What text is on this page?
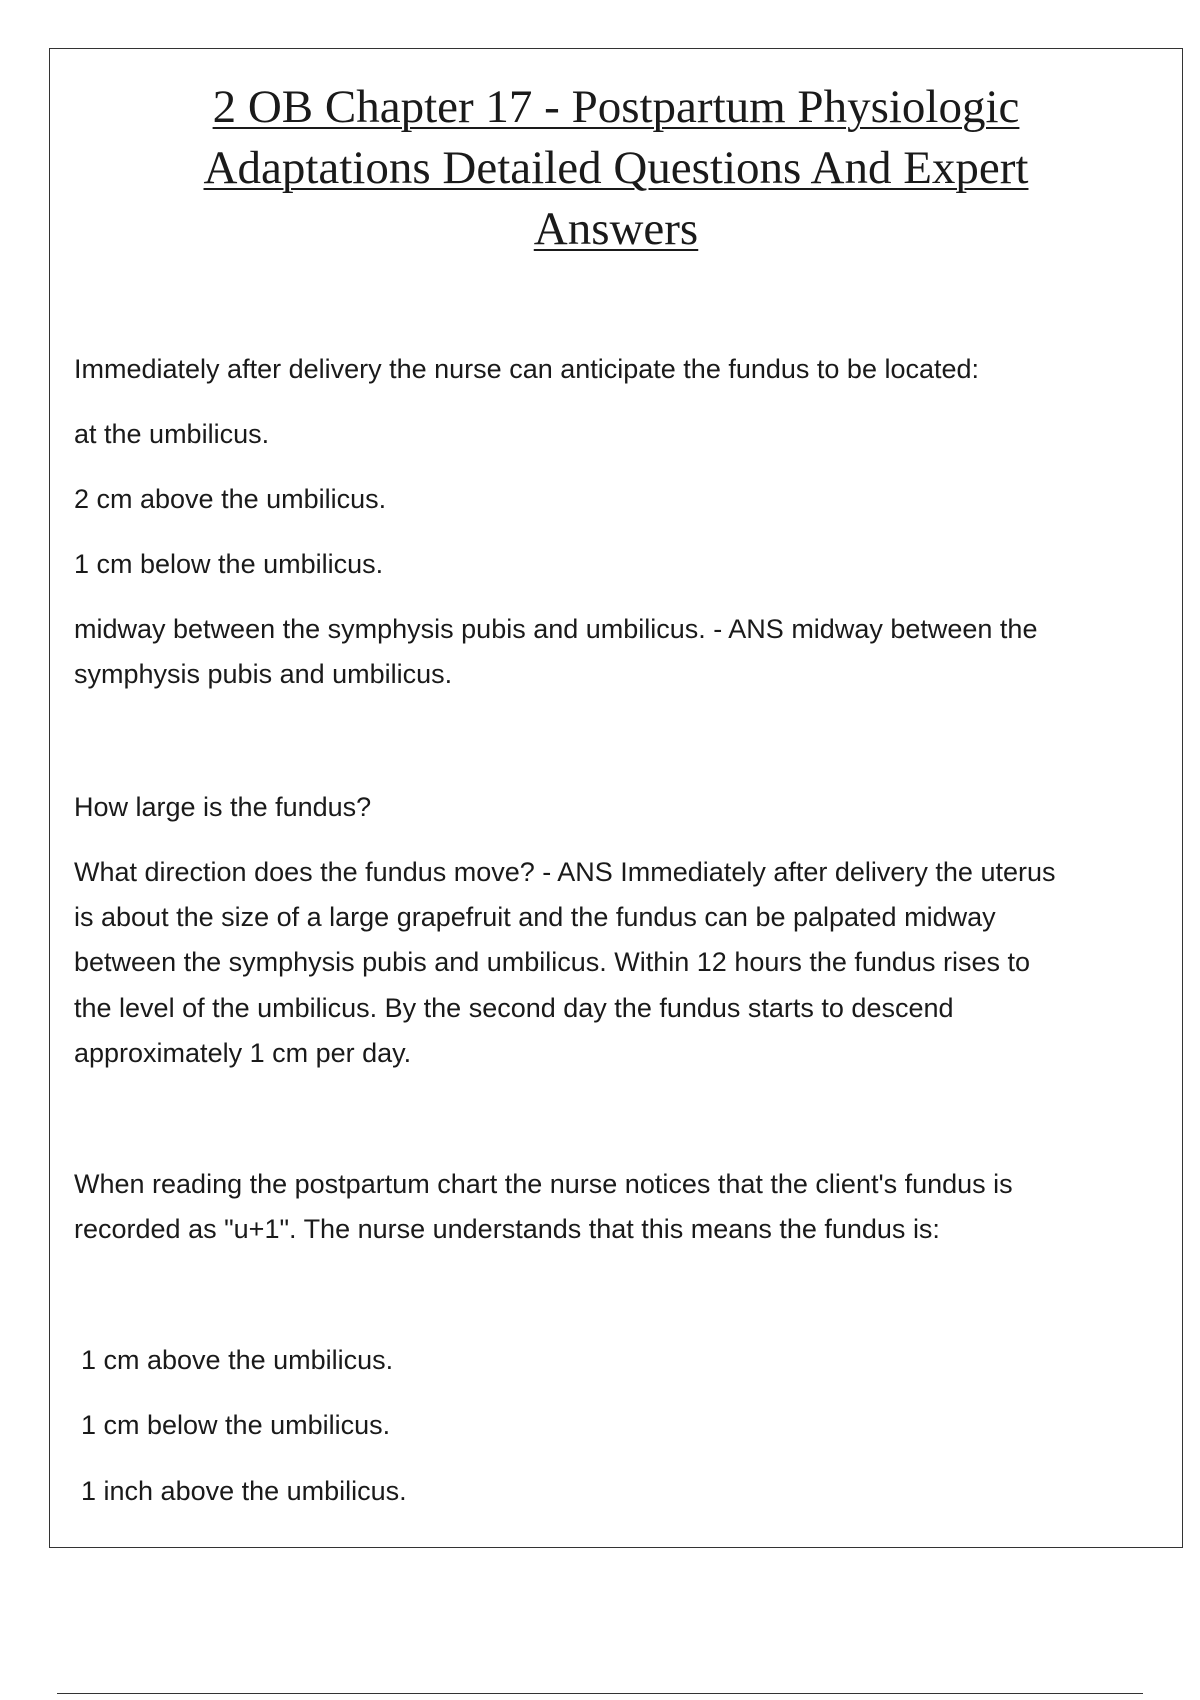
2 OB Chapter 17 - Postpartum Physiologic
Adaptations Detailed Questions And Expert
Answers

Immediately after delivery the nurse can anticipate the fundus to be located:

at the umbilicus.

2 cm above the umbilicus.

1 cm below the umbilicus.

midway between the symphysis pubis and umbilicus. - ANS midway between the

symphysis pubis and umbilicus.

How large is the fundus?

What direction does the fundus move? - ANS Immediately after delivery the uterus

is about the size of a large grapefruit and the fundus can be palpated midway

between the symphysis pubis and umbilicus. Within 12 hours the fundus rises to

the level of the umbilicus. By the second day the fundus starts to descend

approximately 1 cm per day.

When reading the postpartum chart the nurse notices that the client's fundus is

recorded as "u+1". The nurse understands that this means the fundus is:

1 cm above the umbilicus.

1 cm below the umbilicus.

1 inch above the umbilicus.
